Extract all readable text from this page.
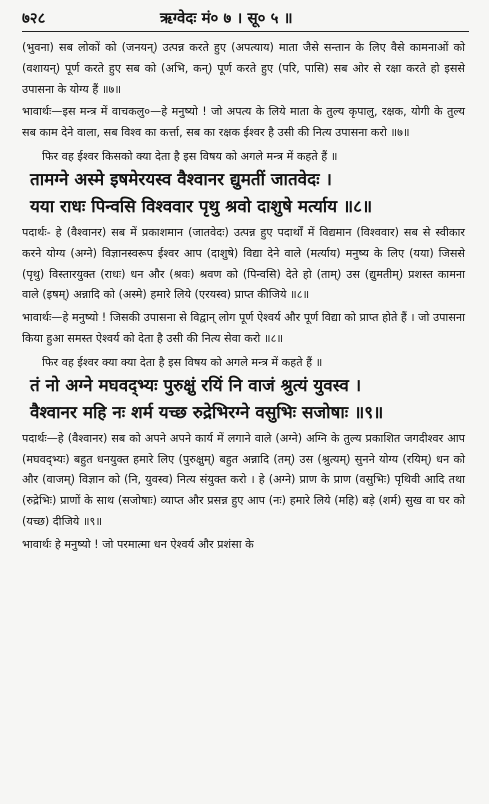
७२८	ऋग्वेदः मं० ७ । सू० ५ ॥

(भुवना) सब लोकों को (जनयन्) उत्पन्न करते हुए (अपत्याय) माता जैसे सन्तान के लिए वैसे कामनाओं को (वशायन्) पूर्ण करते हुए सब को (अभि, कन्) पूर्ण करते हुए (परि, पासि) सब ओर से रक्षा करते हो इससे उपासना के योग्य हैं ॥७॥

भावार्थः—इस मन्त्र में वाचकलु०—हे मनुष्यो ! जो अपत्य के लिये माता के तुल्य कृपालु, रक्षक, योगी के तुल्य सब काम देने वाला, सब विश्व का कर्त्ता, सब का रक्षक ईश्वर है उसी की नित्य उपासना करो ॥७॥

फिर वह ईश्वर किसको क्या देता है इस विषय को अगले मन्त्र में कहते हैं ॥

तामग्ने अस्मे इषमेरयस्व वैश्वानर द्युमतीं जातवेदः ।

यया राधः पिन्वसि विश्ववार पृथु श्रवो दाशुषे मर्त्याय ॥८॥

पदार्थः- हे (वैश्वानर) सब में प्रकाशमान (जातवेदः) उत्पन्न हुए पदार्थों में विद्यमान (विश्ववार) सब से स्वीकार करने योग्य (अग्ने) विज्ञानस्वरूप ईश्वर आप (दाशुषे) विद्या देने वाले (मर्त्याय) मनुष्य के लिए (यया) जिससे (पृथु) विस्तारयुक्त (राधः) धन और (श्रवः) श्रवण को (पिन्वसि) देते हो (ताम्) उस (द्युमतीम्) प्रशस्त कामना वाले (इषम्) अन्नादि को (अस्मे) हमारे लिये (एरयस्व) प्राप्त कीजिये ॥८॥

भावार्थः—हे मनुष्यो ! जिसकी उपासना से विद्वान् लोग पूर्ण ऐश्वर्य और पूर्ण विद्या को प्राप्त होते हैं । जो उपासना किया हुआ समस्त ऐश्वर्य को देता है उसी की नित्य सेवा करो ॥८॥

फिर वह ईश्वर क्या क्या देता है इस विषय को अगले मन्त्र में कहते हैं ॥

तं नो अग्ने मघवद्भ्यः पुरुक्षुं रयिं नि वाजं श्रुत्यं युवस्व ।

वैश्वानर महि नः शर्म यच्छ रुद्रेभिरग्ने वसुभिः सजोषाः ॥९॥

पदार्थः—हे (वैश्वानर) सब को अपने अपने कार्य में लगाने वाले (अग्ने) अग्नि के तुल्य प्रकाशित जगदीश्वर आप (मघवद्भ्यः) बहुत धनयुक्त हमारे लिए (पुरुक्षुम्) बहुत अन्नादि (तम्) उस (श्रुत्यम्) सुनने योग्य (रयिम्) धन को और (वाजम्) विज्ञान को (नि, युवस्व) नित्य संयुक्त करो । हे (अग्ने) प्राण के प्राण (वसुभिः) पृथिवी आदि तथा (रुद्रेभिः) प्राणों के साथ (सजोषाः) व्याप्त और प्रसन्न हुए आप (नः) हमारे लिये (महि) बड़े (शर्म) सुख वा घर को (यच्छ) दीजिये ॥९॥

भावार्थः हे मनुष्यो ! जो परमात्मा धन ऐश्वर्य और प्रशंसा के
